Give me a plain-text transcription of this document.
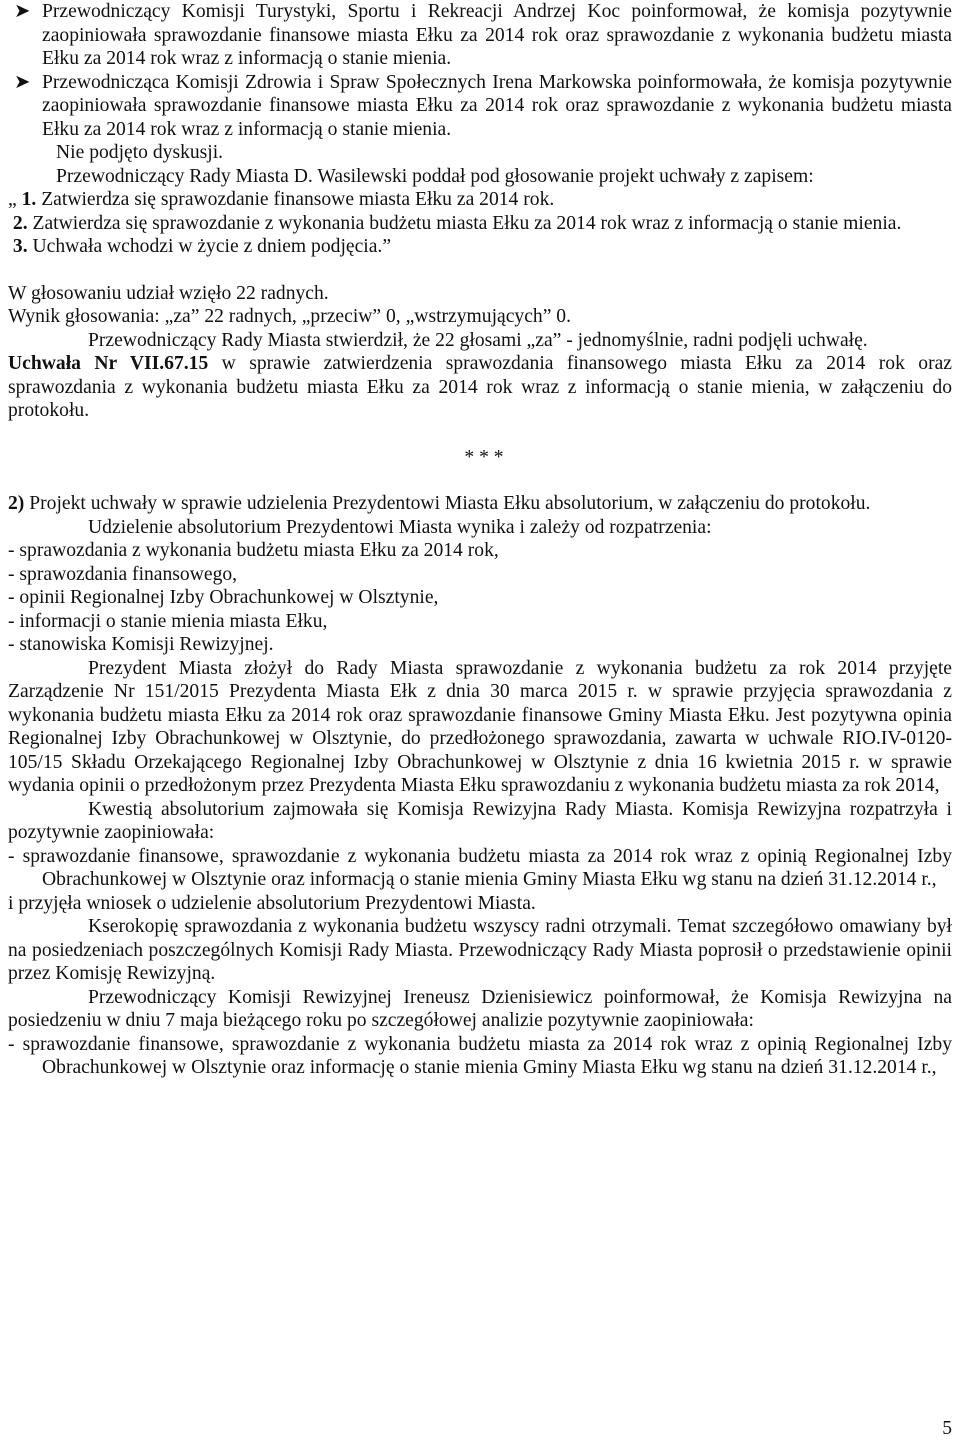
➤ Przewodniczący Komisji Turystyki, Sportu i Rekreacji Andrzej Koc poinformował, że komisja pozytywnie zaopiniowała sprawozdanie finansowe miasta Ełku za 2014 rok oraz sprawozdanie z wykonania budżetu miasta Ełku za 2014 rok wraz z informacją o stanie mienia.

➤ Przewodnicząca Komisji Zdrowia i Spraw Społecznych Irena Markowska poinformowała, że komisja pozytywnie zaopiniowała sprawozdanie finansowe miasta Ełku za 2014 rok oraz sprawozdanie z wykonania budżetu miasta Ełku za 2014 rok wraz z informacją o stanie mienia.

Nie podjęto dyskusji.

Przewodniczący Rady Miasta D. Wasilewski poddał pod głosowanie projekt uchwały z zapisem:

„ 1. Zatwierdza się sprawozdanie finansowe miasta Ełku za 2014 rok.

2. Zatwierdza się sprawozdanie z wykonania budżetu miasta Ełku za 2014 rok wraz z informacją o stanie mienia.

3. Uchwała wchodzi w życie z dniem podjęcia.”

W głosowaniu udział wzięło 22 radnych.

Wynik głosowania: „za” 22 radnych, „przeciw” 0, „wstrzymujących” 0.

Przewodniczący Rady Miasta stwierdził, że 22 głosami „za” - jednomyślnie, radni podjęli uchwałę.

Uchwała Nr VII.67.15 w sprawie zatwierdzenia sprawozdania finansowego miasta Ełku za 2014 rok oraz sprawozdania z wykonania budżetu miasta Ełku za 2014 rok wraz z informacją o stanie mienia, w załączeniu do protokołu.

* * *

2) Projekt uchwały w sprawie udzielenia Prezydentowi Miasta Ełku absolutorium, w załączeniu do protokołu.

Udzielenie absolutorium Prezydentowi Miasta wynika i zależy od rozpatrzenia:

- sprawozdania z wykonania budżetu miasta Ełku za 2014 rok,

- sprawozdania finansowego,

- opinii Regionalnej Izby Obrachunkowej w Olsztynie,

- informacji o stanie mienia miasta Ełku,

- stanowiska Komisji Rewizyjnej.

Prezydent Miasta złożył do Rady Miasta sprawozdanie z wykonania budżetu za rok 2014 przyjęte Zarządzenie Nr 151/2015 Prezydenta Miasta Ełk z dnia 30 marca 2015 r. w sprawie przyjęcia sprawozdania z wykonania budżetu miasta Ełku za 2014 rok oraz sprawozdanie finansowe Gminy Miasta Ełku. Jest pozytywna opinia Regionalnej Izby Obrachunkowej w Olsztynie, do przedłożonego sprawozdania, zawarta w uchwale RIO.IV-0120-105/15 Składu Orzekającego Regionalnej Izby Obrachunkowej w Olsztynie z dnia 16 kwietnia 2015 r. w sprawie wydania opinii o przedłożonym przez Prezydenta Miasta Ełku sprawozdaniu z wykonania budżetu miasta za rok 2014,

Kwestią absolutorium zajmowała się Komisja Rewizyjna Rady Miasta. Komisja Rewizyjna rozpatrzyła i pozytywnie zaopiniowała:

- sprawozdanie finansowe, sprawozdanie z wykonania budżetu miasta za 2014 rok wraz z opinią Regionalnej Izby Obrachunkowej w Olsztynie oraz informacją o stanie mienia Gminy Miasta Ełku wg stanu na dzień 31.12.2014 r.,

i przyjęła wniosek o udzielenie absolutorium Prezydentowi Miasta.

Kserokopię sprawozdania z wykonania budżetu wszyscy radni otrzymali. Temat szczegółowo omawiany był na posiedzeniach poszczególnych Komisji Rady Miasta. Przewodniczący Rady Miasta poprosił o przedstawienie opinii przez Komisję Rewizyjną.

Przewodniczący Komisji Rewizyjnej Ireneusz Dzienisiewicz poinformował, że Komisja Rewizyjna na posiedzeniu w dniu 7 maja bieżącego roku po szczegółowej analizie pozytywnie zaopiniowała:

- sprawozdanie finansowe, sprawozdanie z wykonania budżetu miasta za 2014 rok wraz z opinią Regionalnej Izby Obrachunkowej w Olsztynie oraz informację o stanie mienia Gminy Miasta Ełku wg stanu na dzień 31.12.2014 r.,

5
